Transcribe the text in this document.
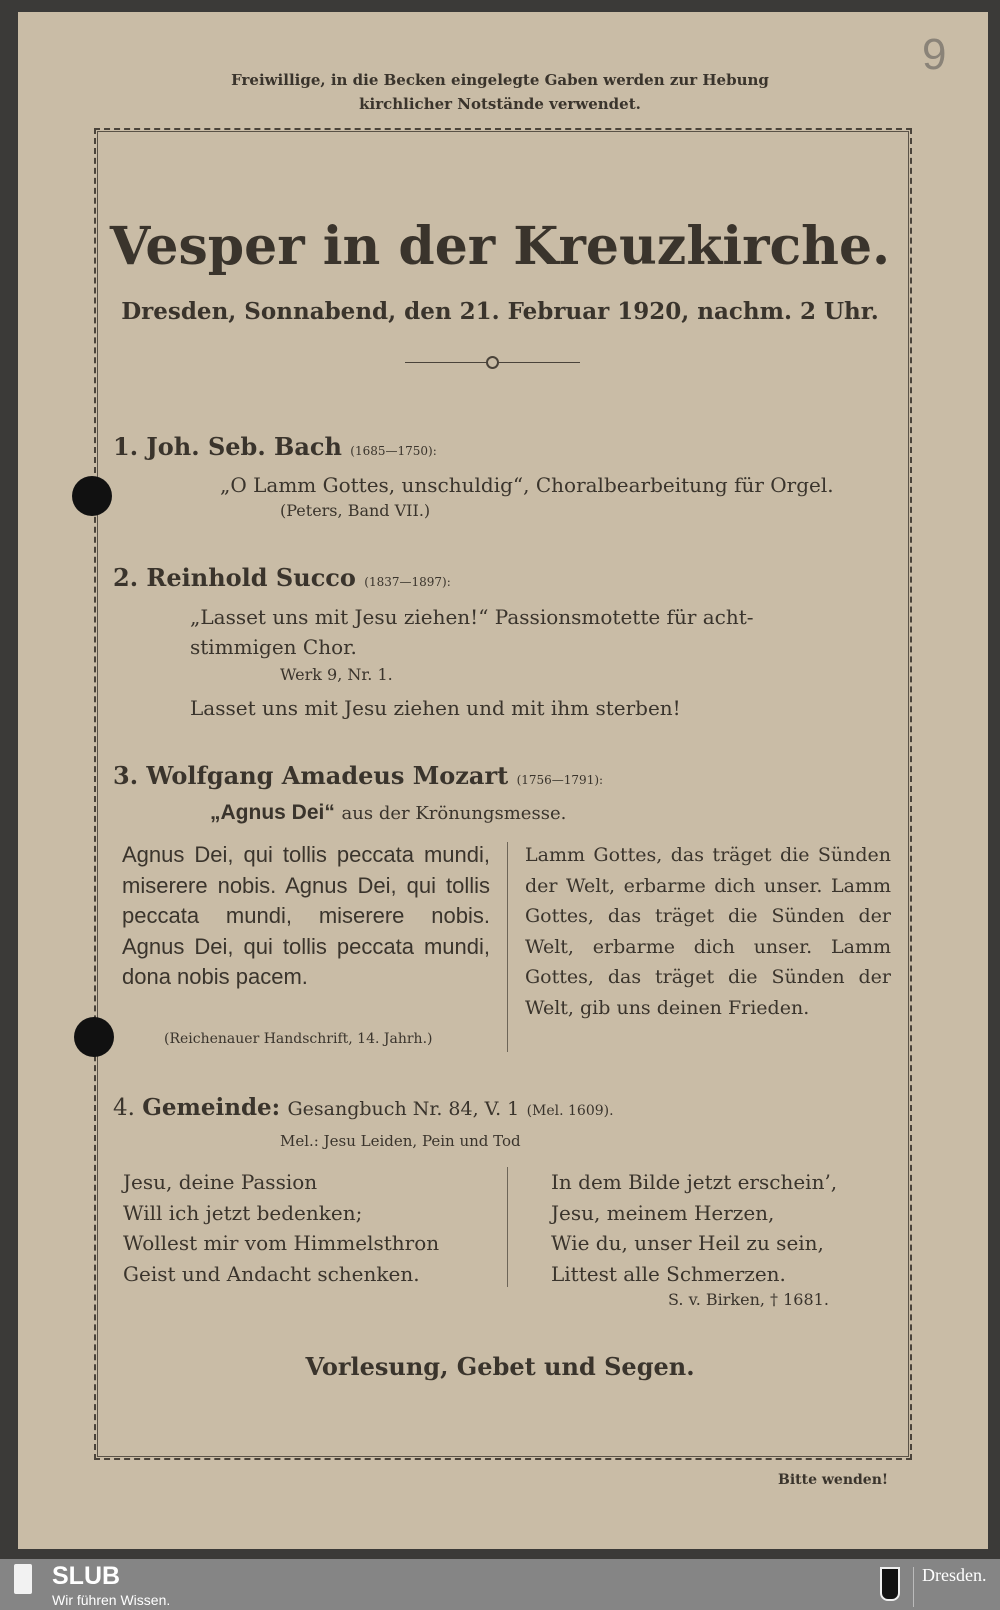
9
Freiwillige, in die Becken eingelegte Gaben werden zur Hebung
kirchlicher Notstände verwendet.
Vesper in der Kreuzkirche.
Dresden, Sonnabend, den 21. Februar 1920, nachm. 2 Uhr.
1. Joh. Seb. Bach (1685—1750):
„O Lamm Gottes, unschuldig“, Choralbearbeitung für Orgel.
(Peters, Band VII.)
2. Reinhold Succo (1837—1897):
„Lasset uns mit Jesu ziehen!“ Passionsmotette für acht-
stimmigen Chor.
Werk 9, Nr. 1.
Lasset uns mit Jesu ziehen und mit ihm sterben!
3. Wolfgang Amadeus Mozart (1756—1791):
„Agnus Dei“ aus der Krönungsmesse.
Agnus Dei, qui tollis peccata mundi, miserere nobis. Agnus Dei, qui tollis peccata mundi, miserere nobis. Agnus Dei, qui tollis peccata mundi, dona nobis pacem.
(Reichenauer Handschrift, 14. Jahrh.)
Lamm Gottes, das träget die Sünden der Welt, erbarme dich unser. Lamm Gottes, das träget die Sünden der Welt, erbarme dich unser. Lamm Gottes, das träget die Sünden der Welt, gib uns deinen Frieden.
4. Gemeinde: Gesangbuch Nr. 84, V. 1 (Mel. 1609).
Mel.: Jesu Leiden, Pein und Tod
Jesu, deine Passion
Will ich jetzt bedenken;
Wollest mir vom Himmelsthron
Geist und Andacht schenken.
In dem Bilde jetzt erschein’,
Jesu, meinem Herzen,
Wie du, unser Heil zu sein,
Littest alle Schmerzen.
S. v. Birken, † 1681.
Vorlesung, Gebet und Segen.
Bitte wenden!
SLUB
Wir führen Wissen.
Dresden.
